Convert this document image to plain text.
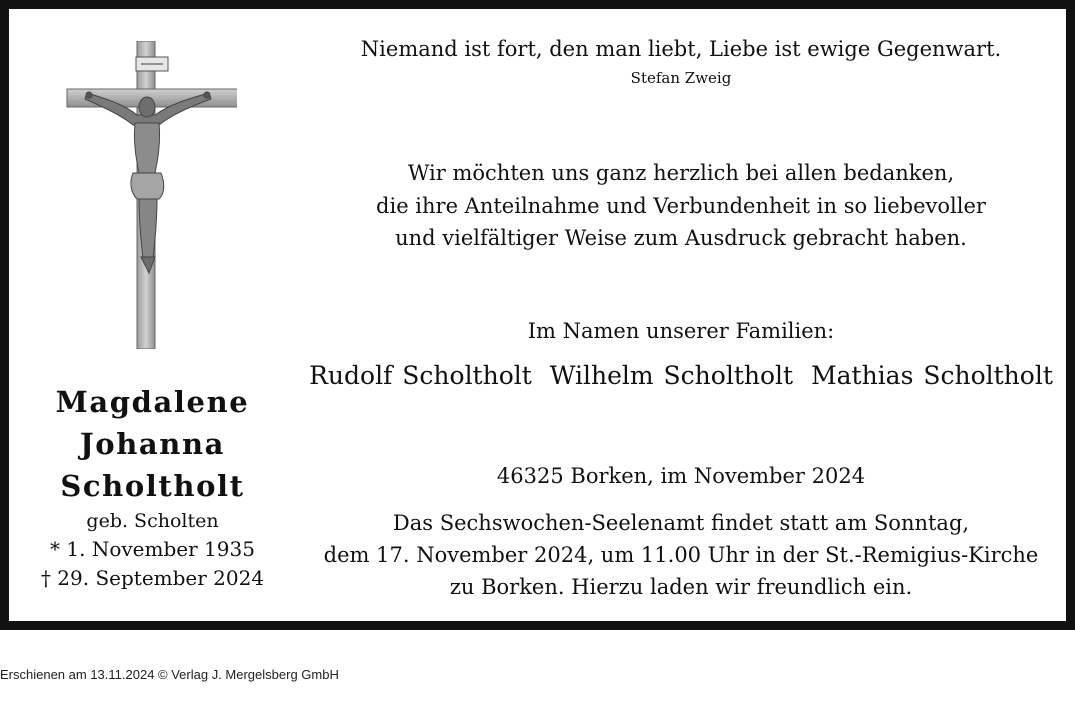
Magdalene
Johanna
Scholtholt
geb. Scholten
* 1. November 1935
† 29. September 2024
Niemand ist fort, den man liebt, Liebe ist ewige Gegenwart.
Stefan Zweig
Wir möchten uns ganz herzlich bei allen bedanken,
die ihre Anteilnahme und Verbundenheit in so liebevoller
und vielfältiger Weise zum Ausdruck gebracht haben.
Im Namen unserer Familien:
Rudolf Scholtholt Wilhelm Scholtholt Mathias Scholtholt
46325 Borken, im November 2024
Das Sechswochen-Seelenamt findet statt am Sonntag,
dem 17. November 2024, um 11.00 Uhr in der St.-Remigius-Kirche
zu Borken. Hierzu laden wir freundlich ein.
Erschienen am 13.11.2024 © Verlag J. Mergelsberg GmbH
